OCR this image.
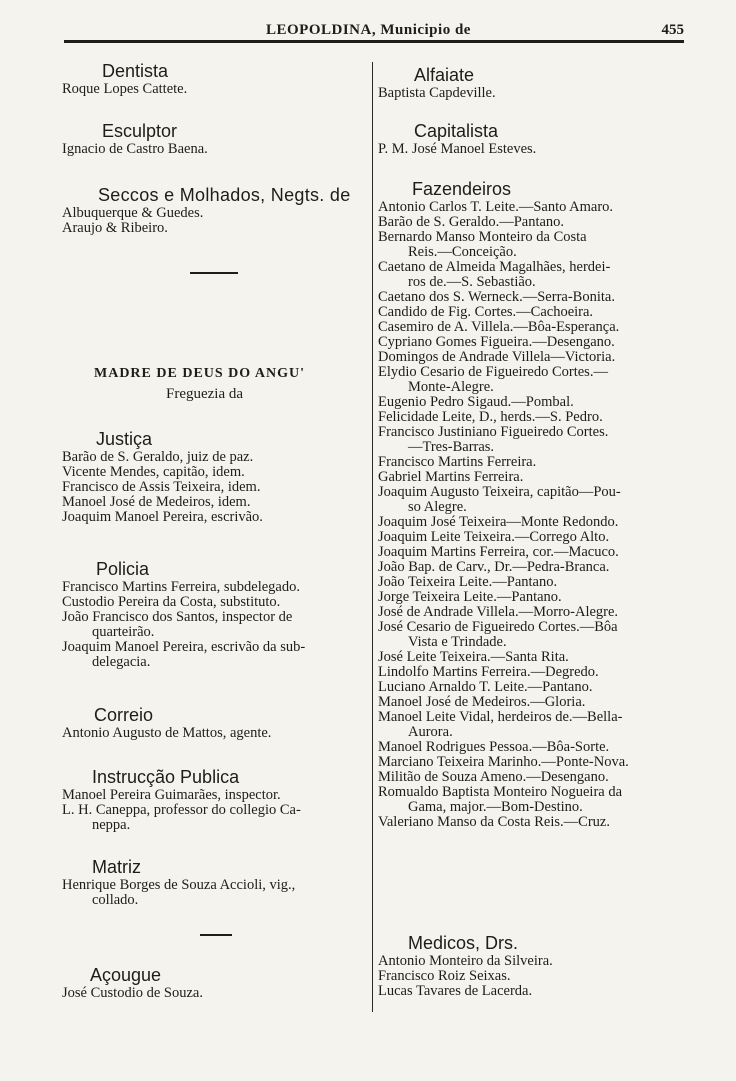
LEOPOLDINA, Municipio de	455
Dentista
Roque Lopes Cattete.
Esculptor
Ignacio de Castro Baena.
Seccos e Molhados, Negts. de
Albuquerque & Guedes.
Araujo & Ribeiro.
MADRE DE DEUS DO ANGU'
Freguezia da
Justiça
Barão de S. Geraldo, juiz de paz.
Vicente Mendes, capitão, idem.
Francisco de Assis Teixeira, idem.
Manoel José de Medeiros, idem.
Joaquim Manoel Pereira, escrivão.
Policia
Francisco Martins Ferreira, subdelegado.
Custodio Pereira da Costa, substituto.
João Francisco dos Santos, inspector de
quarteirão.
Joaquim Manoel Pereira, escrivão da sub-
delegacia.
Correio
Antonio Augusto de Mattos, agente.
Instrucção Publica
Manoel Pereira Guimarães, inspector.
L. H. Caneppa, professor do collegio Ca-
neppa.
Matriz
Henrique Borges de Souza Accioli, vig.,
collado.
Açougue
José Custodio de Souza.
Alfaiate
Baptista Capdeville.
Capitalista
P. M. José Manoel Esteves.
Fazendeiros
Antonio Carlos T. Leite.—Santo Amaro.
Barão de S. Geraldo.—Pantano.
Bernardo Manso Monteiro da Costa
Reis.—Conceição.
Caetano de Almeida Magalhães, herdei-
ros de.—S. Sebastião.
Caetano dos S. Werneck.—Serra-Bonita.
Candido de Fig. Cortes.—Cachoeira.
Casemiro de A. Villela.—Bôa-Esperança.
Cypriano Gomes Figueira.—Desengano.
Domingos de Andrade Villela—Victoria.
Elydio Cesario de Figueiredo Cortes.—
Monte-Alegre.
Eugenio Pedro Sigaud.—Pombal.
Felicidade Leite, D., herds.—S. Pedro.
Francisco Justiniano Figueiredo Cortes.
—Tres-Barras.
Francisco Martins Ferreira.
Gabriel Martins Ferreira.
Joaquim Augusto Teixeira, capitão—Pou-
so Alegre.
Joaquim José Teixeira—Monte Redondo.
Joaquim Leite Teixeira.—Corrego Alto.
Joaquim Martins Ferreira, cor.—Macuco.
João Bap. de Carv., Dr.—Pedra-Branca.
João Teixeira Leite.—Pantano.
Jorge Teixeira Leite.—Pantano.
José de Andrade Villela.—Morro-Alegre.
José Cesario de Figueiredo Cortes.—Bôa
Vista e Trindade.
José Leite Teixeira.—Santa Rita.
Lindolfo Martins Ferreira.—Degredo.
Luciano Arnaldo T. Leite.—Pantano.
Manoel José de Medeiros.—Gloria.
Manoel Leite Vidal, herdeiros de.—Bella-
Aurora.
Manoel Rodrigues Pessoa.—Bôa-Sorte.
Marciano Teixeira Marinho.—Ponte-Nova.
Militão de Souza Ameno.—Desengano.
Romualdo Baptista Monteiro Nogueira da
Gama, major.—Bom-Destino.
Valeriano Manso da Costa Reis.—Cruz.
Medicos, Drs.
Antonio Monteiro da Silveira.
Francisco Roiz Seixas.
Lucas Tavares de Lacerda.
